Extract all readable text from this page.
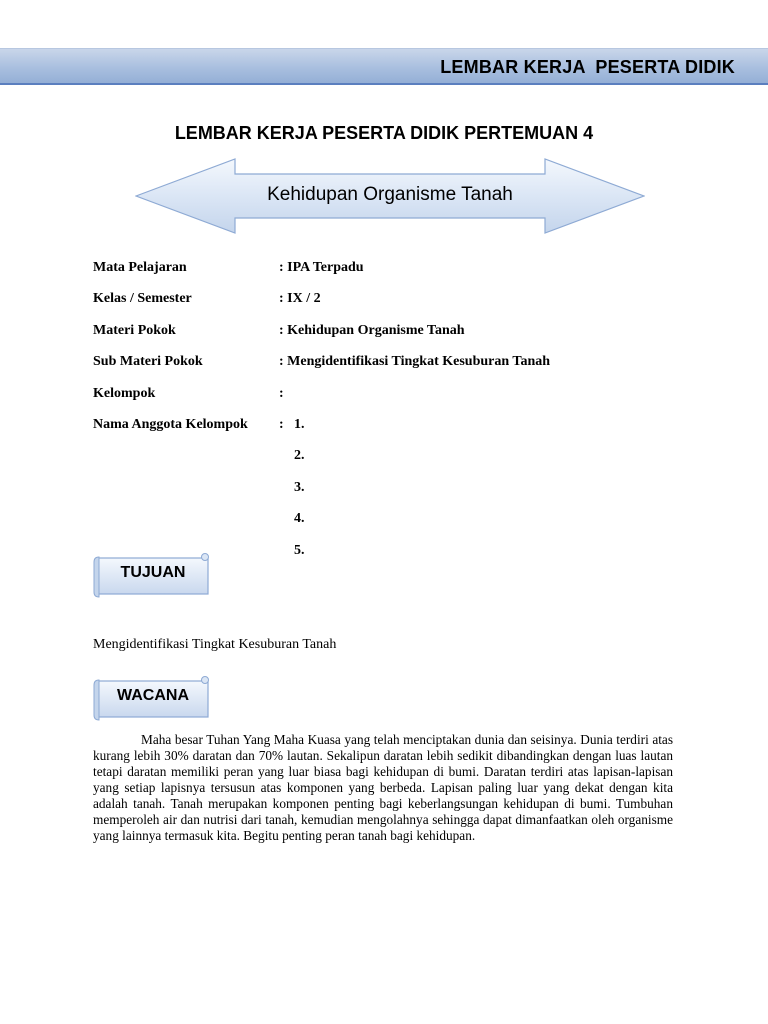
LEMBAR KERJA  PESERTA DIDIK
LEMBAR KERJA PESERTA DIDIK PERTEMUAN 4
Kehidupan Organisme Tanah
Mata Pelajaran	: IPA Terpadu
Kelas / Semester	: IX / 2
Materi Pokok	: Kehidupan Organisme Tanah
Sub Materi Pokok	: Mengidentifikasi Tingkat Kesuburan Tanah
Kelompok	:
Nama Anggota Kelompok : 1.
2.
3.
4.
5.
TUJUAN
Mengidentifikasi Tingkat Kesuburan Tanah
WACANA

Maha besar Tuhan Yang Maha Kuasa yang telah menciptakan dunia dan seisinya. Dunia terdiri atas kurang lebih 30% daratan dan 70% lautan. Sekalipun daratan lebih sedikit dibandingkan dengan luas lautan tetapi daratan memiliki peran yang luar biasa bagi kehidupan di bumi. Daratan terdiri atas lapisan-lapisan yang setiap lapisnya tersusun atas komponen yang berbeda. Lapisan paling luar yang dekat dengan kita adalah tanah. Tanah merupakan komponen penting bagi keberlangsungan kehidupan di bumi. Tumbuhan memperoleh air dan nutrisi dari tanah, kemudian mengolahnya sehingga dapat dimanfaatkan oleh organisme yang lainnya termasuk kita. Begitu penting peran tanah bagi kehidupan.
